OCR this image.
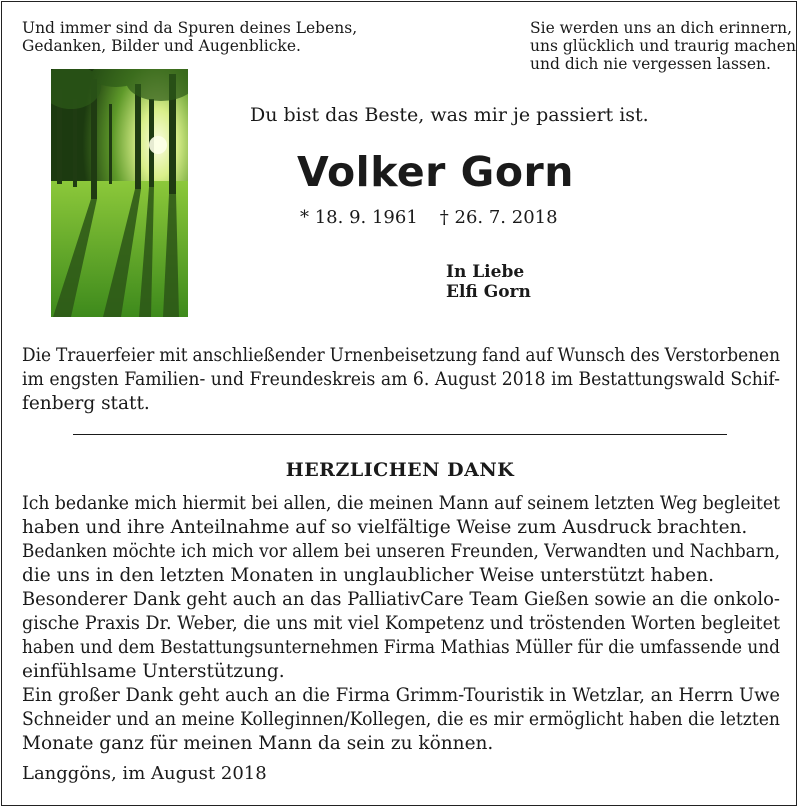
Und immer sind da Spuren deines Lebens,
Gedanken, Bilder und Augenblicke.
Sie werden uns an dich erinnern,
uns glücklich und traurig machen
und dich nie vergessen lassen.
Du bist das Beste, was mir je passiert ist.
Volker Gorn
* 18. 9. 1961 † 26. 7. 2018
In Liebe
Elfi Gorn
Die Trauerfeier mit anschließender Urnenbeisetzung fand auf Wunsch des Verstorbenen
im engsten Familien- und Freundeskreis am 6. August 2018 im Bestattungswald Schif-
fenberg statt.
HERZLICHEN DANK
Ich bedanke mich hiermit bei allen, die meinen Mann auf seinem letzten Weg begleitet
haben und ihre Anteilnahme auf so vielfältige Weise zum Ausdruck brachten.
Bedanken möchte ich mich vor allem bei unseren Freunden, Verwandten und Nachbarn,
die uns in den letzten Monaten in unglaublicher Weise unterstützt haben.
Besonderer Dank geht auch an das PalliativCare Team Gießen sowie an die onkolo-
gische Praxis Dr. Weber, die uns mit viel Kompetenz und tröstenden Worten begleitet
haben und dem Bestattungsunternehmen Firma Mathias Müller für die umfassende und
einfühlsame Unterstützung.
Ein großer Dank geht auch an die Firma Grimm-Touristik in Wetzlar, an Herrn Uwe
Schneider und an meine Kolleginnen/Kollegen, die es mir ermöglicht haben die letzten
Monate ganz für meinen Mann da sein zu können.
Langgöns, im August 2018
